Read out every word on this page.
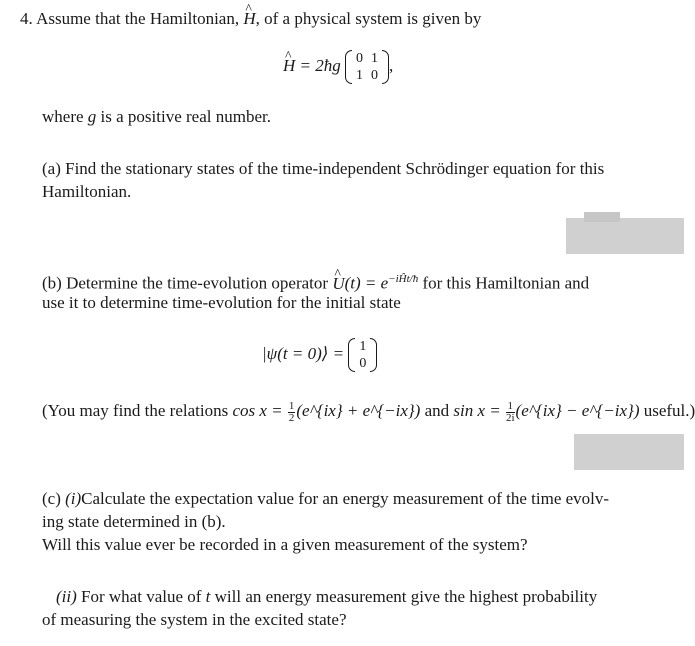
4. Assume that the Hamiltonian, ^ H, of a physical system is given by
^ H = 2ħg 0	1
1	0
,
where g is a positive real number.
(a) Find the stationary states of the time-independent Schrödinger equation for this
Hamiltonian.
(b) Determine the time-evolution operator ^ $U(t) = e^{-iĤt/ħ}$ for this Hamiltonian and
use it to determine time-evolution for the initial state
|ψ(t = 0)⟩ = 1
0
(You may find the relations $\cos x = \frac{1}{2}$ (e^{ix} + e^{−ix}) and $\sin x = \frac{1}{2i}$ (e^{ix} − e^{−ix}) useful.)
(c) (i)Calculate the expectation value for an energy measurement of the time evolv-
ing state determined in (b).
Will this value ever be recorded in a given measurement of the system?
(ii) For what value of t will an energy measurement give the highest probability
of measuring the system in the excited state?
